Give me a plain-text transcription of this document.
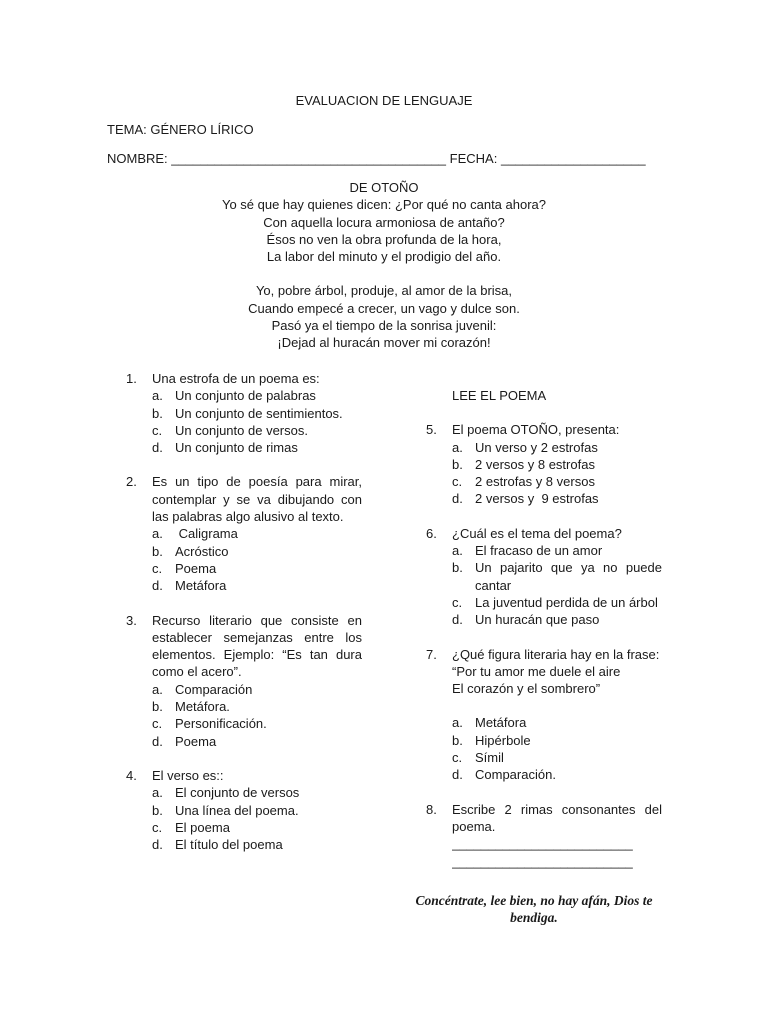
EVALUACION DE LENGUAJE
TEMA: GÉNERO LÍRICO
NOMBRE: ______________________________________ FECHA: ____________________
DE OTOÑO
Yo sé que hay quienes dicen: ¿Por qué no canta ahora?
Con aquella locura armoniosa de antaño?
Ésos no ven la obra profunda de la hora,
La labor del minuto y el prodigio del año.
Yo, pobre árbol, produje, al amor de la brisa,
Cuando empecé a crecer, un vago y dulce son.
Pasó ya el tiempo de la sonrisa juvenil:
¡Dejad al huracán mover mi corazón!
1. Una estrofa de un poema es:
a. Un conjunto de palabras
b. Un conjunto de sentimientos.
c. Un conjunto de versos.
d. Un conjunto de rimas
2. Es un tipo de poesía para mirar, contemplar y se va dibujando con las palabras algo alusivo al texto.
a. Caligrama
b. Acróstico
c. Poema
d. Metáfora
3. Recurso literario que consiste en establecer semejanzas entre los elementos. Ejemplo: “Es tan dura como el acero”.
a. Comparación
b. Metáfora.
c. Personificación.
d. Poema
4. El verso es::
a. El conjunto de versos
b. Una línea del poema.
c. El poema
d. El título del poema
LEE EL POEMA
5. El poema OTOÑO, presenta:
a. Un verso y 2 estrofas
b. 2 versos y 8 estrofas
c. 2 estrofas y 8 versos
d. 2 versos y  9 estrofas
6. ¿Cuál es el tema del poema?
a. El fracaso de un amor
b. Un pajarito que ya no puede cantar
c. La juventud perdida de un árbol
d. Un huracán que paso
7. ¿Qué figura literaria hay en la frase:
“Por tu amor me duele el aire
El corazón y el sombrero”
a. Metáfora
b. Hipérbole
c. Símil
d. Comparación.
8. Escribe 2 rimas consonantes del poema.
_________________________
_________________________
Concéntrate, lee bien, no hay afán, Dios te bendiga.
